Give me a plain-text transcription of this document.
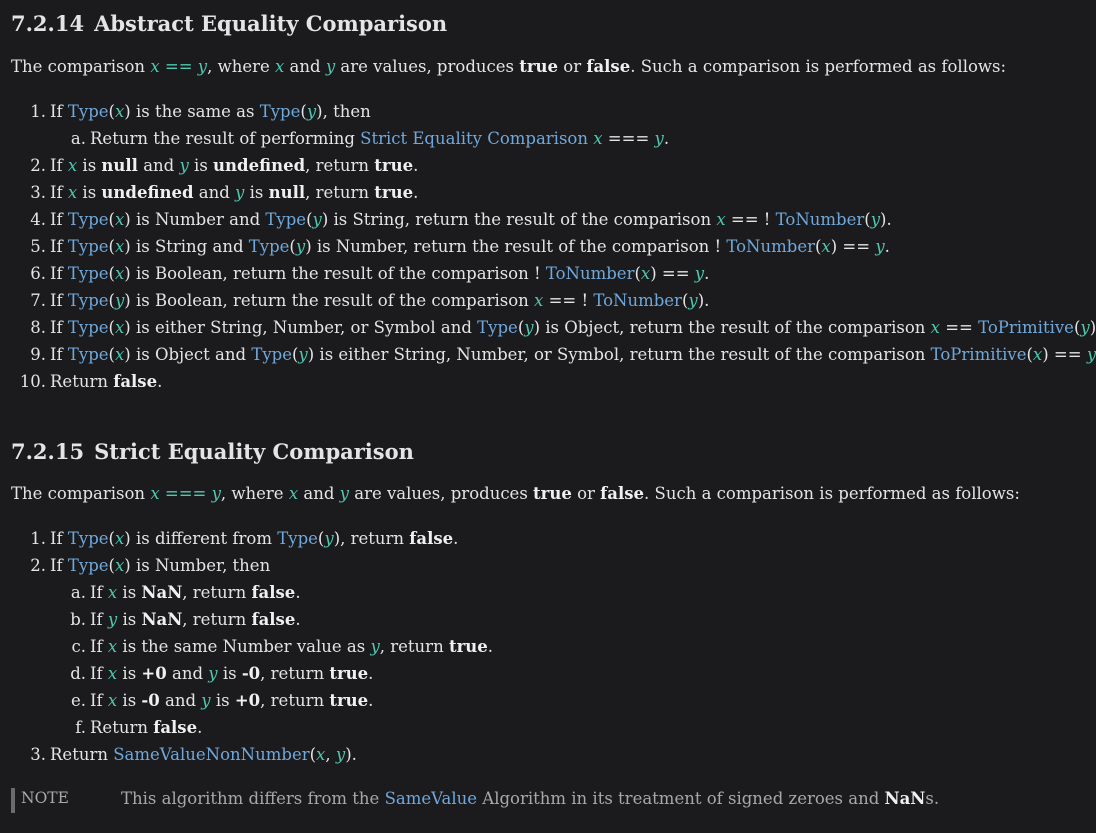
7.2.14 Abstract Equality Comparison

The comparison x == y, where x and y are values, produces true or false. Such a comparison is performed as follows:

1. If Type(x) is the same as Type(y), then
a. Return the result of performing Strict Equality Comparison x === y.
2. If x is null and y is undefined, return true.
3. If x is undefined and y is null, return true.
4. If Type(x) is Number and Type(y) is String, return the result of the comparison x == ! ToNumber(y).
5. If Type(x) is String and Type(y) is Number, return the result of the comparison ! ToNumber(x) == y.
6. If Type(x) is Boolean, return the result of the comparison ! ToNumber(x) == y.
7. If Type(y) is Boolean, return the result of the comparison x == ! ToNumber(y).
8. If Type(x) is either String, Number, or Symbol and Type(y) is Object, return the result of the comparison x == ToPrimitive(y)
9. If Type(x) is Object and Type(y) is either String, Number, or Symbol, return the result of the comparison ToPrimitive(x) == y
10. Return false.
7.2.15 Strict Equality Comparison

The comparison x === y, where x and y are values, produces true or false. Such a comparison is performed as follows:

1. If Type(x) is different from Type(y), return false.
2. If Type(x) is Number, then
a. If x is NaN, return false.
b. If y is NaN, return false.
c. If x is the same Number value as y, return true.
d. If x is +0 and y is -0, return true.
e. If x is -0 and y is +0, return true.
f. Return false.
3. Return SameValueNonNumber(x, y).
NOTE	This algorithm differs from the SameValue Algorithm in its treatment of signed zeroes and NaNs.
